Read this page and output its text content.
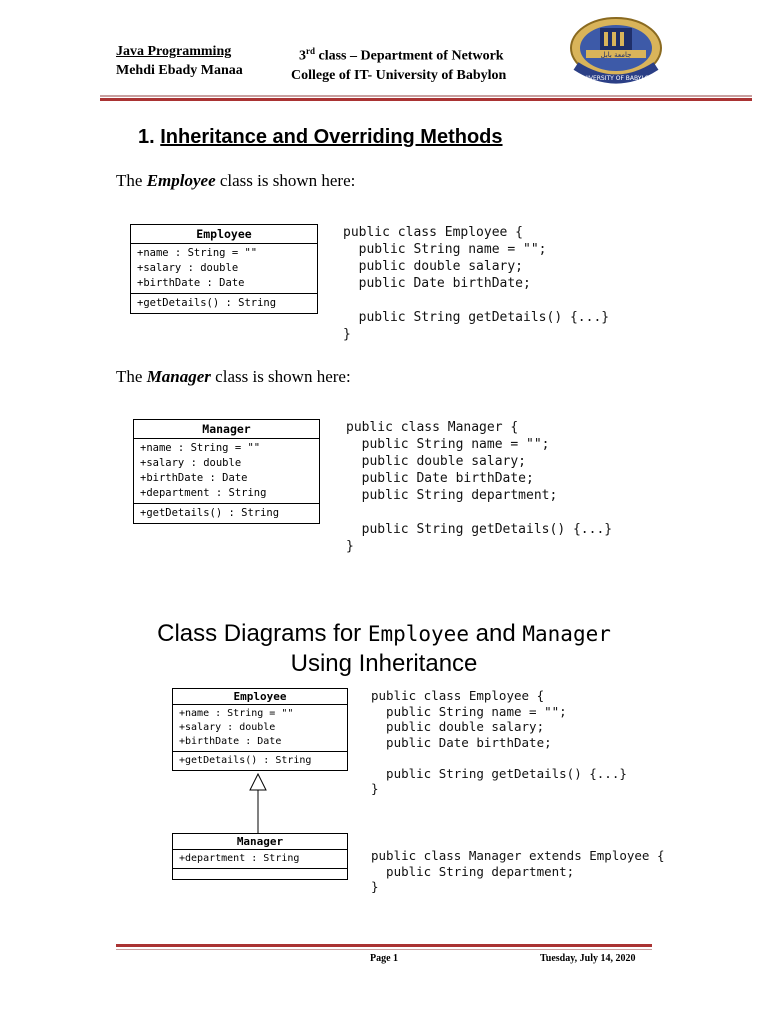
Java Programming
Mehdi Ebady Manaa
3rd class – Department of Network
College of IT- University of Babylon
جامعة بابل
UNIVERSITY OF BABYLON
1. Inheritance and Overriding Methods
The Employee class is shown here:
Employee
+name : String = ""
+salary : double
+birthDate : Date
+getDetails() : String
public class Employee {
public String name = "";
public double salary;
public Date birthDate;

public String getDetails() {...}
}
The Manager class is shown here:
Manager
+name : String = ""
+salary : double
+birthDate : Date
+department : String
+getDetails() : String
public class Manager {
public String name = "";
public double salary;
public Date birthDate;
public String department;

public String getDetails() {...}
}
Class Diagrams for Employee and Manager
Using Inheritance
Employee
+name : String = ""
+salary : double
+birthDate : Date
+getDetails() : String
Manager
+department : String
public class Employee {
public String name = "";
public double salary;
public Date birthDate;

public String getDetails() {...}
}
public class Manager extends Employee {
public String department;
}
Page 1	Tuesday, July 14, 2020
